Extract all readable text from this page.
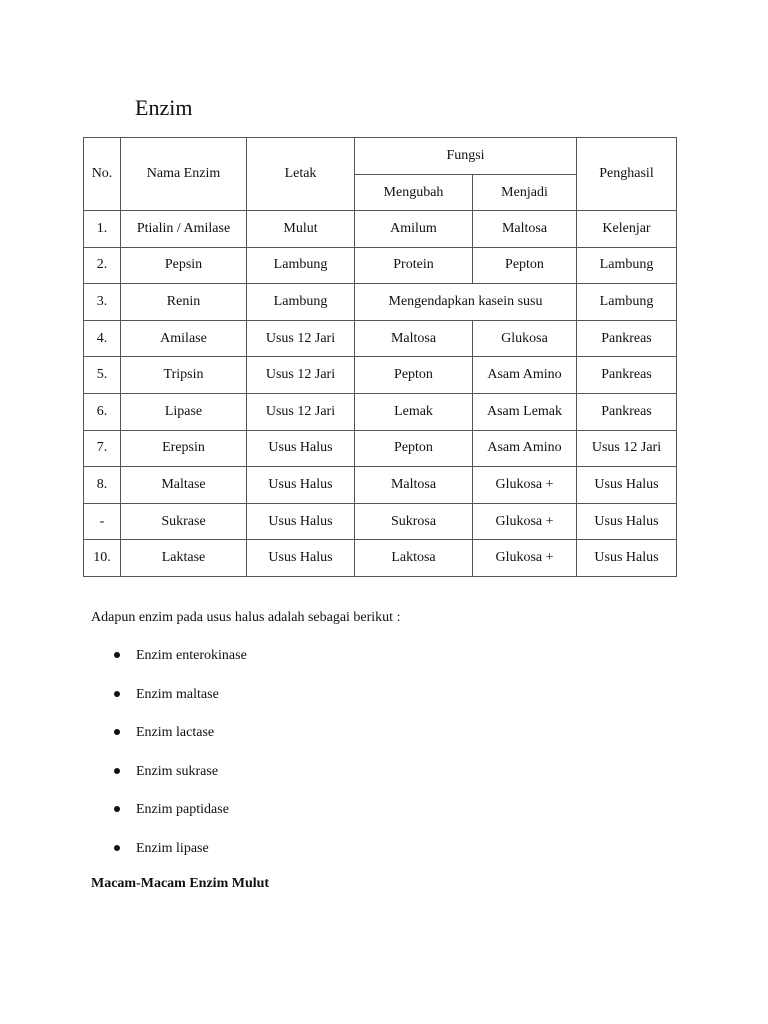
Enzim
No.	Nama Enzim	Letak	Fungsi		Penghasil
			Mengubah	Menjadi	
1.	Ptialin / Amilase	Mulut	Amilum	Maltosa	Kelenjar
2.	Pepsin	Lambung	Protein	Pepton	Lambung
3.	Renin	Lambung	Mengendapkan kasein susu		Lambung
4.	Amilase	Usus 12 Jari	Maltosa	Glukosa	Pankreas
5.	Tripsin	Usus 12 Jari	Pepton	Asam Amino	Pankreas
6.	Lipase	Usus 12 Jari	Lemak	Asam Lemak	Pankreas
7.	Erepsin	Usus Halus	Pepton	Asam Amino	Usus 12 Jari
8.	Maltase	Usus Halus	Maltosa	Glukosa +	Usus Halus
-	Sukrase	Usus Halus	Sukrosa	Glukosa +	Usus Halus
10.	Laktase	Usus Halus	Laktosa	Glukosa +	Usus Halus
Adapun enzim pada usus halus adalah sebagai berikut :
Enzim enterokinase
Enzim maltase
Enzim lactase
Enzim sukrase
Enzim paptidase
Enzim lipase
Macam-Macam Enzim Mulut
